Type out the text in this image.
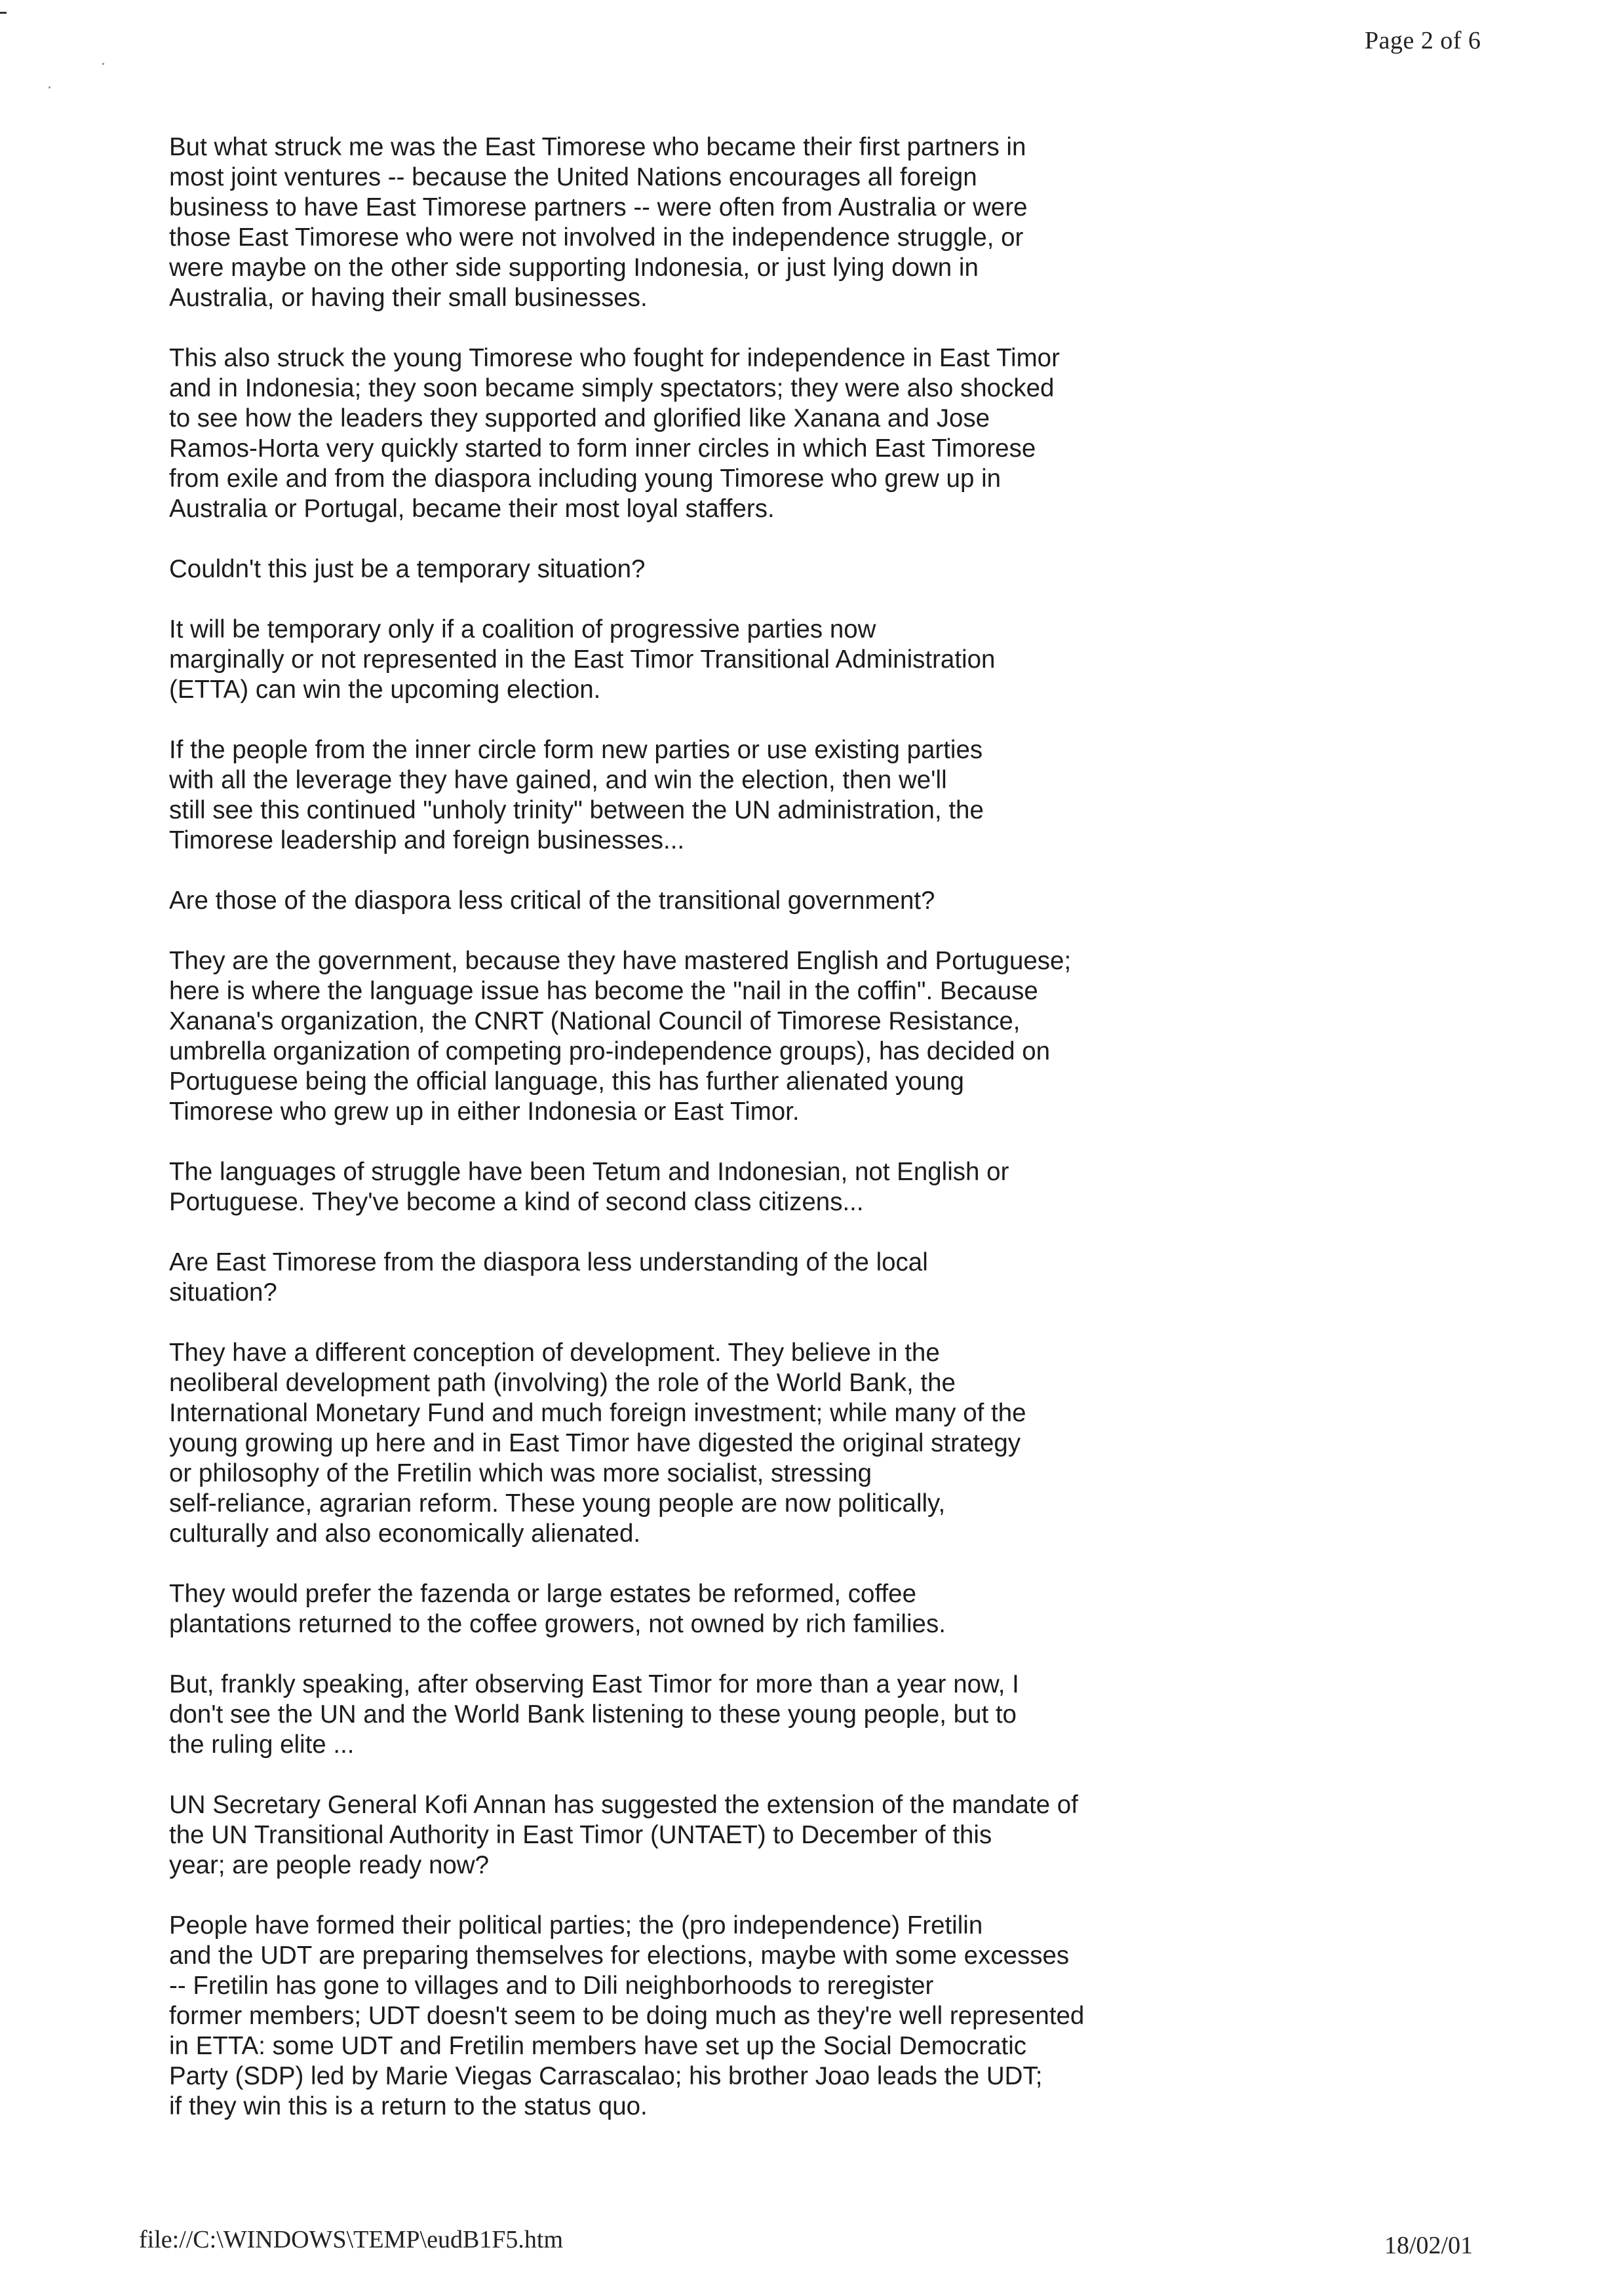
Page 2 of 6
But what struck me was the East Timorese who became their first partners in
most joint ventures -- because the United Nations encourages all foreign
business to have East Timorese partners -- were often from Australia or were
those East Timorese who were not involved in the independence struggle, or
were maybe on the other side supporting Indonesia, or just lying down in
Australia, or having their small businesses.
This also struck the young Timorese who fought for independence in East Timor
and in Indonesia; they soon became simply spectators; they were also shocked
to see how the leaders they supported and glorified like Xanana and Jose
Ramos-Horta very quickly started to form inner circles in which East Timorese
from exile and from the diaspora including young Timorese who grew up in
Australia or Portugal, became their most loyal staffers.
Couldn't this just be a temporary situation?
It will be temporary only if a coalition of progressive parties now
marginally or not represented in the East Timor Transitional Administration
(ETTA) can win the upcoming election.
If the people from the inner circle form new parties or use existing parties
with all the leverage they have gained, and win the election, then we'll
still see this continued "unholy trinity" between the UN administration, the
Timorese leadership and foreign businesses...
Are those of the diaspora less critical of the transitional government?
They are the government, because they have mastered English and Portuguese;
here is where the language issue has become the "nail in the coffin". Because
Xanana's organization, the CNRT (National Council of Timorese Resistance,
umbrella organization of competing pro-independence groups), has decided on
Portuguese being the official language, this has further alienated young
Timorese who grew up in either Indonesia or East Timor.
The languages of struggle have been Tetum and Indonesian, not English or
Portuguese. They've become a kind of second class citizens...
Are East Timorese from the diaspora less understanding of the local
situation?
They have a different conception of development. They believe in the
neoliberal development path (involving) the role of the World Bank, the
International Monetary Fund and much foreign investment; while many of the
young growing up here and in East Timor have digested the original strategy
or philosophy of the Fretilin which was more socialist, stressing
self-reliance, agrarian reform. These young people are now politically,
culturally and also economically alienated.
They would prefer the fazenda or large estates be reformed, coffee
plantations returned to the coffee growers, not owned by rich families.
But, frankly speaking, after observing East Timor for more than a year now, I
don't see the UN and the World Bank listening to these young people, but to
the ruling elite ...
UN Secretary General Kofi Annan has suggested the extension of the mandate of
the UN Transitional Authority in East Timor (UNTAET) to December of this
year; are people ready now?
People have formed their political parties; the (pro independence) Fretilin
and the UDT are preparing themselves for elections, maybe with some excesses
-- Fretilin has gone to villages and to Dili neighborhoods to reregister
former members; UDT doesn't seem to be doing much as they're well represented
in ETTA: some UDT and Fretilin members have set up the Social Democratic
Party (SDP) led by Marie Viegas Carrascalao; his brother Joao leads the UDT;
if they win this is a return to the status quo.
file://C:\WINDOWS\TEMP\eudB1F5.htm	18/02/01
